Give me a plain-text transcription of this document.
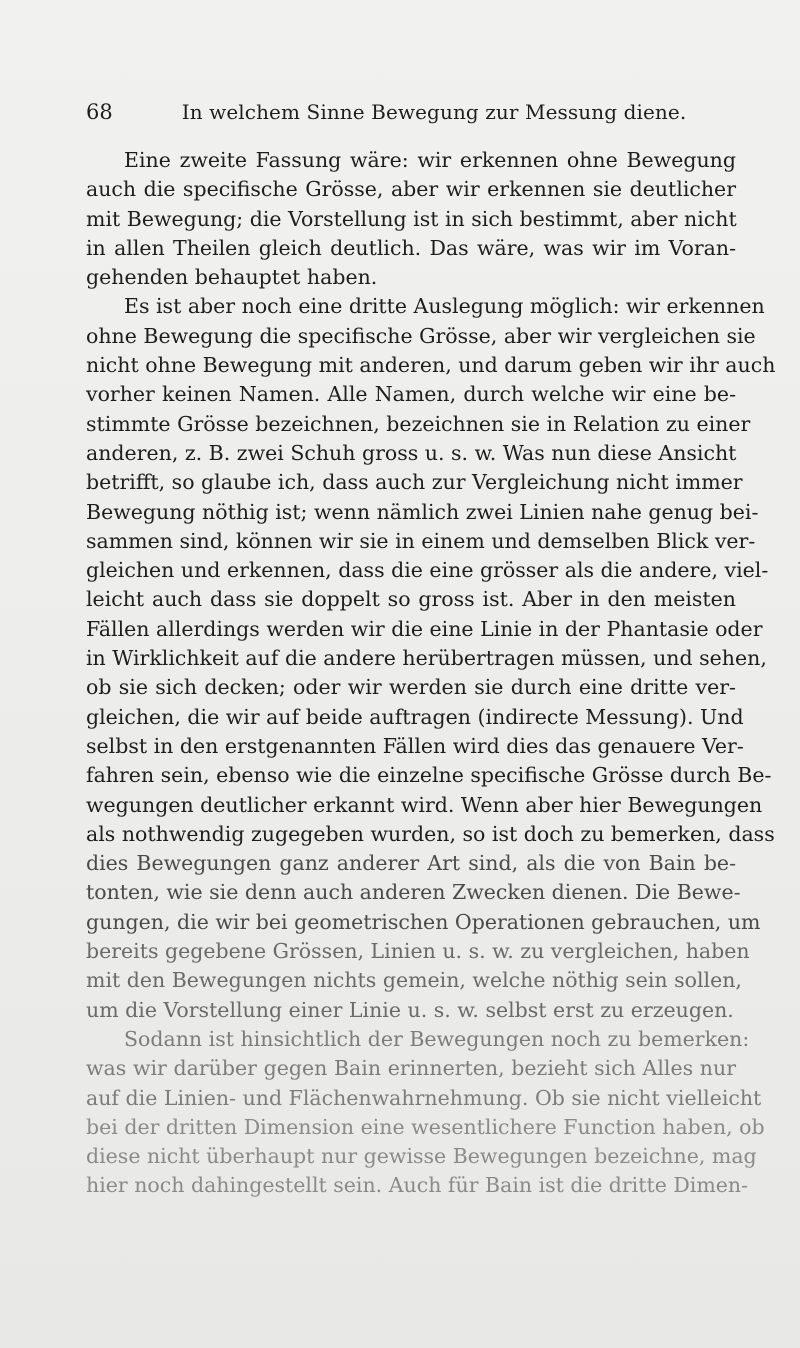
68	In welchem Sinne Bewegung zur Messung diene.
Eine zweite Fassung wäre: wir erkennen ohne Bewegung
auch die specifische Grösse, aber wir erkennen sie deutlicher
mit Bewegung; die Vorstellung ist in sich bestimmt, aber nicht
in allen Theilen gleich deutlich. Das wäre, was wir im Voran-
gehenden behauptet haben.
Es ist aber noch eine dritte Auslegung möglich: wir erkennen
ohne Bewegung die specifische Grösse, aber wir vergleichen sie
nicht ohne Bewegung mit anderen, und darum geben wir ihr auch
vorher keinen Namen. Alle Namen, durch welche wir eine be-
stimmte Grösse bezeichnen, bezeichnen sie in Relation zu einer
anderen, z. B. zwei Schuh gross u. s. w. Was nun diese Ansicht
betrifft, so glaube ich, dass auch zur Vergleichung nicht immer
Bewegung nöthig ist; wenn nämlich zwei Linien nahe genug bei-
sammen sind, können wir sie in einem und demselben Blick ver-
gleichen und erkennen, dass die eine grösser als die andere, viel-
leicht auch dass sie doppelt so gross ist. Aber in den meisten
Fällen allerdings werden wir die eine Linie in der Phantasie oder
in Wirklichkeit auf die andere herübertragen müssen, und sehen,
ob sie sich decken; oder wir werden sie durch eine dritte ver-
gleichen, die wir auf beide auftragen (indirecte Messung). Und
selbst in den erstgenannten Fällen wird dies das genauere Ver-
fahren sein, ebenso wie die einzelne specifische Grösse durch Be-
wegungen deutlicher erkannt wird. Wenn aber hier Bewegungen
als nothwendig zugegeben wurden, so ist doch zu bemerken, dass
dies Bewegungen ganz anderer Art sind, als die von Bain be-
tonten, wie sie denn auch anderen Zwecken dienen. Die Bewe-
gungen, die wir bei geometrischen Operationen gebrauchen, um
bereits gegebene Grössen, Linien u. s. w. zu vergleichen, haben
mit den Bewegungen nichts gemein, welche nöthig sein sollen,
um die Vorstellung einer Linie u. s. w. selbst erst zu erzeugen.
Sodann ist hinsichtlich der Bewegungen noch zu bemerken:
was wir darüber gegen Bain erinnerten, bezieht sich Alles nur
auf die Linien- und Flächenwahrnehmung. Ob sie nicht vielleicht
bei der dritten Dimension eine wesentlichere Function haben, ob
diese nicht überhaupt nur gewisse Bewegungen bezeichne, mag
hier noch dahingestellt sein. Auch für Bain ist die dritte Dimen-
